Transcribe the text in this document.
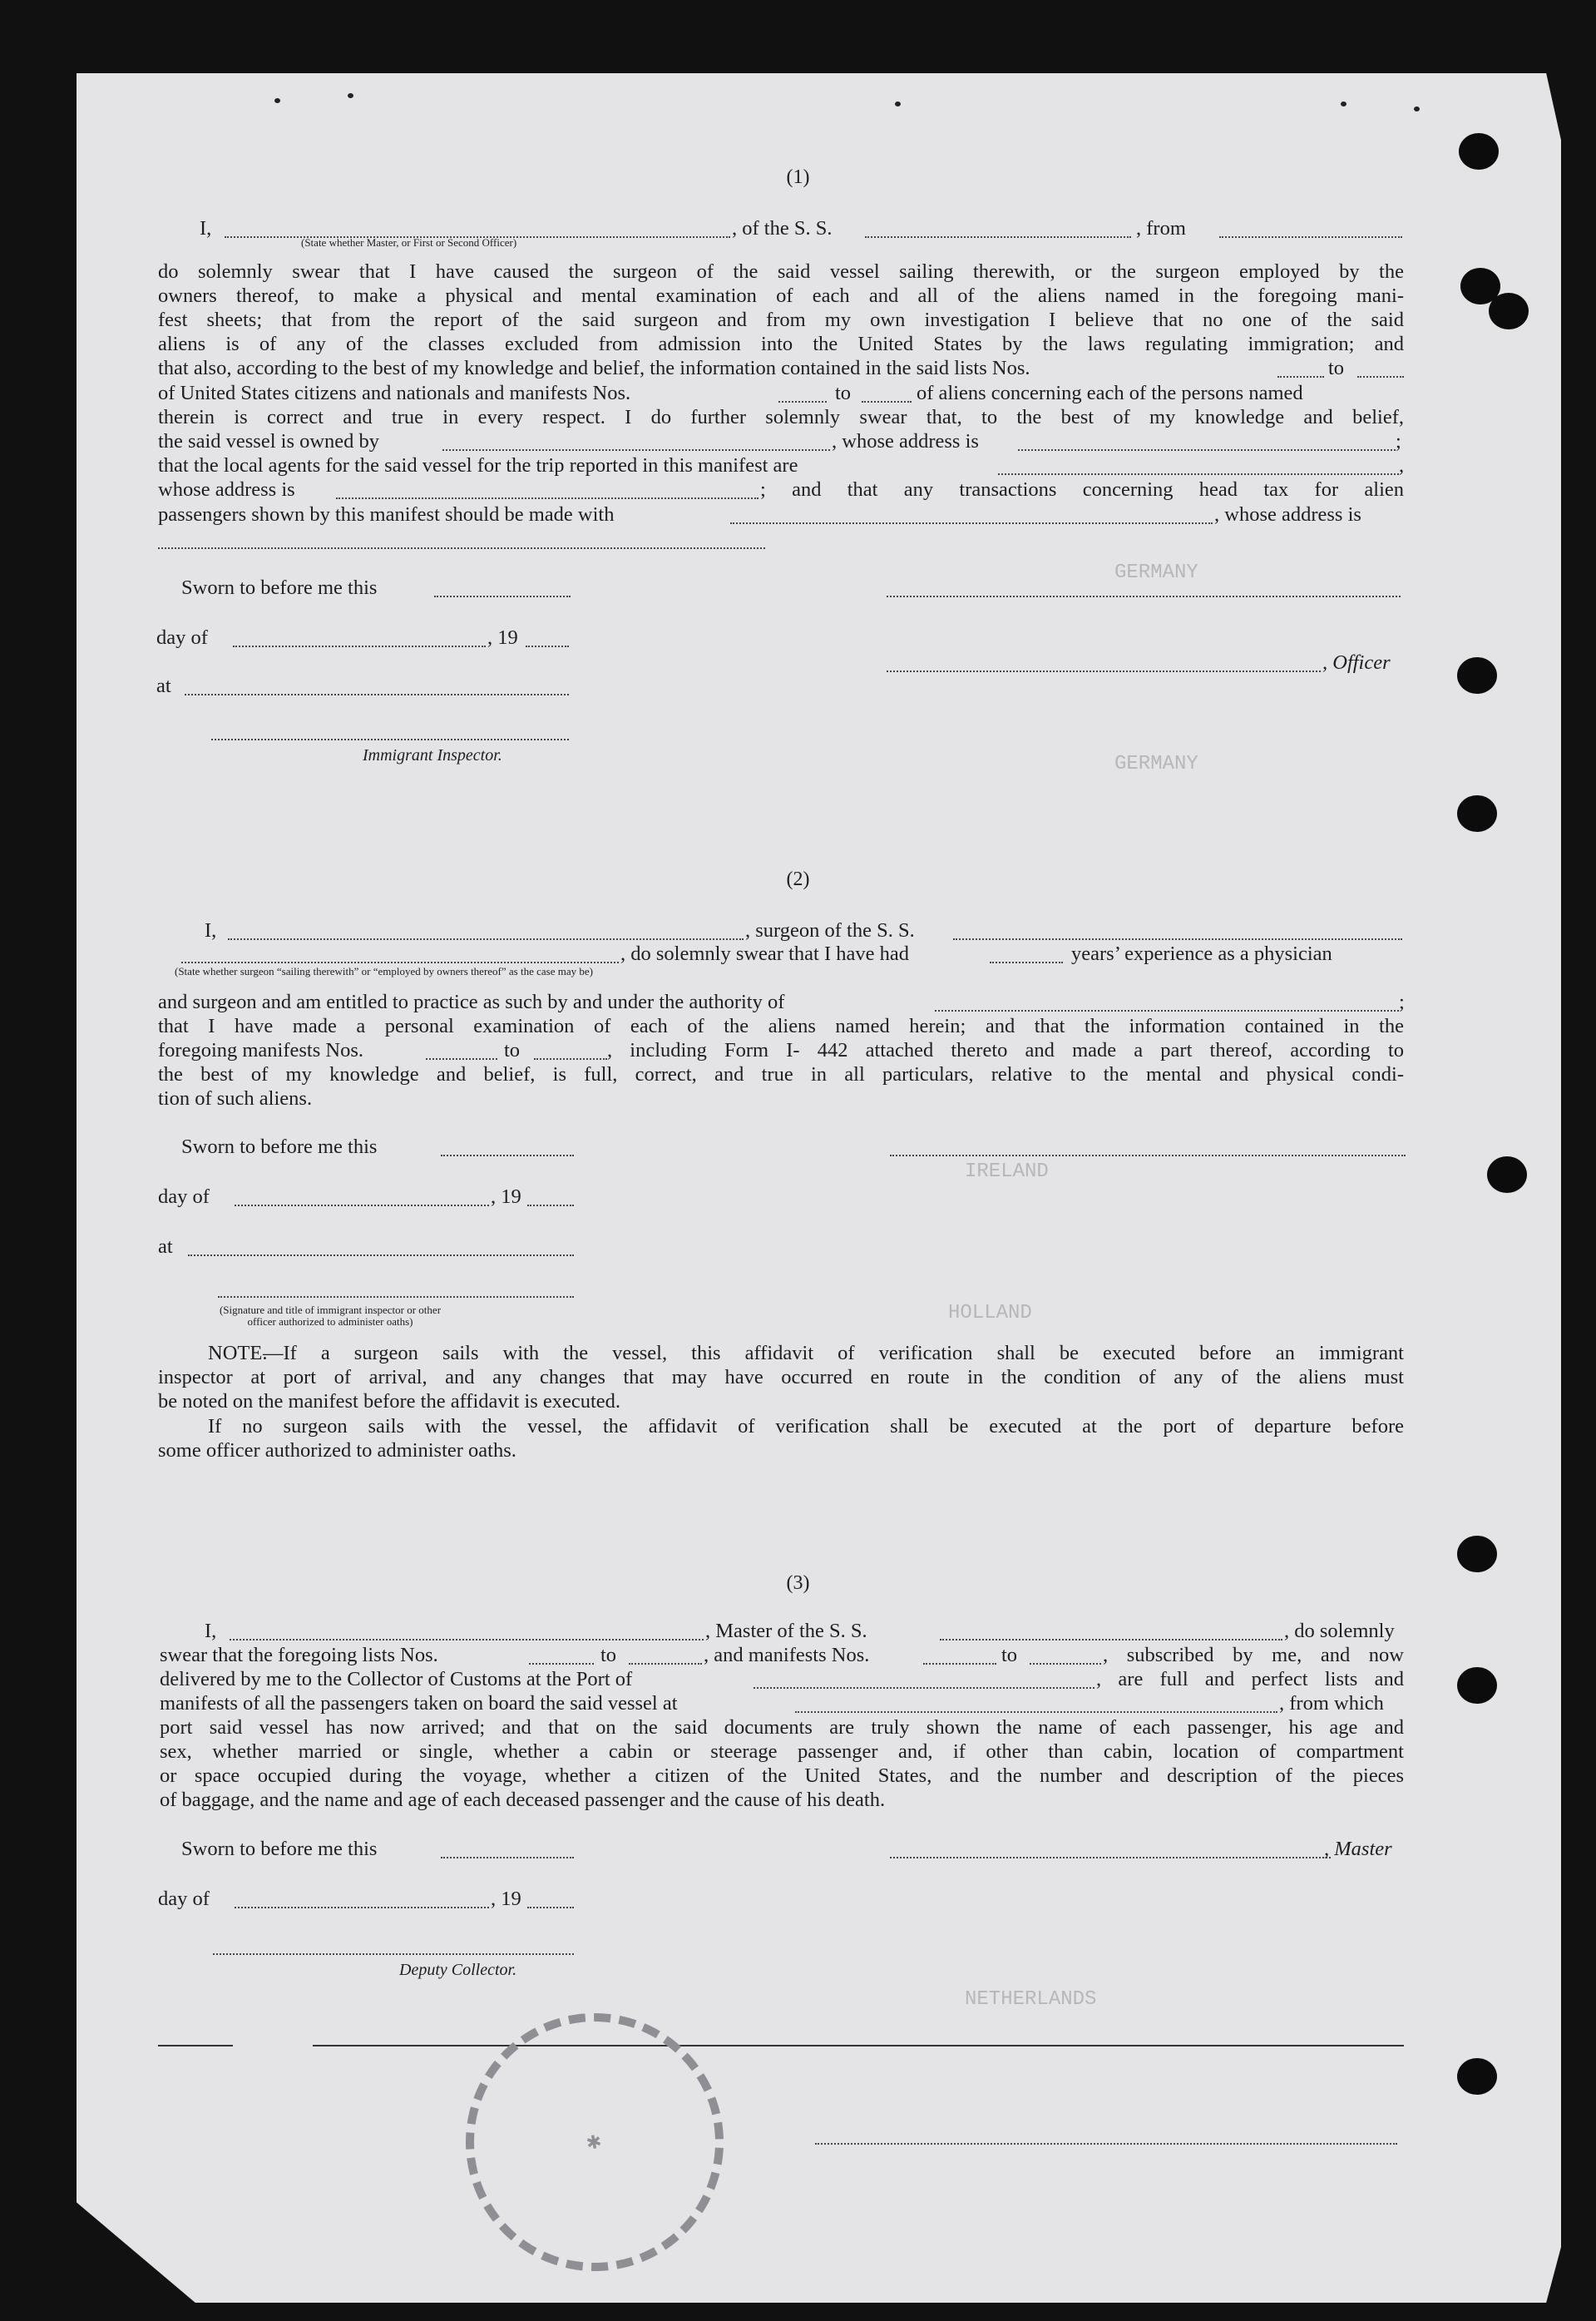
GERMANY
GERMANY
IRELAND
HOLLAND
NETHERLANDS
(1)
I,	, of the S. S.	, from
(State whether Master, or First or Second Officer)
do solemnly swear that I have caused the surgeon of the said vessel sailing therewith, or the surgeon employed by the
owners thereof, to make a physical and mental examination of each and all of the aliens named in the foregoing mani-
fest sheets; that from the report of the said surgeon and from my own investigation I believe that no one of the said
aliens is of any of the classes excluded from admission into the United States by the laws regulating immigration; and
that also, according to the best of my knowledge and belief, the information contained in the said lists Nos.	to
of United States citizens and nationals and manifests Nos.	to	of aliens concerning each of the persons named
therein is correct and true in every respect. I do further solemnly swear that, to the best of my knowledge and belief,
the said vessel is owned by	, whose address is	;
that the local agents for the said vessel for the trip reported in this manifest are	,
whose address is	; and that any transactions concerning head tax for alien
passengers shown by this manifest should be made with	, whose address is
Sworn to before me this
day of	, 19
, Officer
at
Immigrant Inspector.
(2)
I,	, surgeon of the S. S.
, do solemnly swear that I have had	years’ experience as a physician
(State whether surgeon “sailing therewith” or “employed by owners thereof” as the case may be)
and surgeon and am entitled to practice as such by and under the authority of	;
that I have made a personal examination of each of the aliens named herein; and that the information contained in the
foregoing manifests Nos.	to	, including Form I- 442 attached thereto and made a part thereof, according to
the best of my knowledge and belief, is full, correct, and true in all particulars, relative to the mental and physical condi-
tion of such aliens.
Sworn to before me this
day of	, 19
at
(Signature and title of immigrant inspector or other officer authorized to administer oaths)
NOTE.
—If a surgeon sails with the vessel, this affidavit of verification shall be executed before an immigrant
inspector at port of arrival, and any changes that may have occurred en route in the condition of any of the aliens must
be noted on the manifest before the affidavit is executed.
If no surgeon sails with the vessel, the affidavit of verification shall be executed at the port of departure before
some officer authorized to administer oaths.
(3)
I,	, Master of the S. S.	, do solemnly
swear that the foregoing lists Nos.	to	, and manifests Nos.	to	, subscribed by me, and now
delivered by me to the Collector of Customs at the Port of	, are full and perfect lists and
manifests of all the passengers taken on board the said vessel at	, from which
port said vessel has now arrived; and that on the said documents are truly shown the name of each passenger, his age and
sex, whether married or single, whether a cabin or steerage passenger and, if other than cabin, location of compartment
or space occupied during the voyage, whether a citizen of the United States, and the number and description of the pieces
of baggage, and the name and age of each deceased passenger and the cause of his death.
Sworn to before me this	, Master
day of	, 19
Deputy Collector.
✱
